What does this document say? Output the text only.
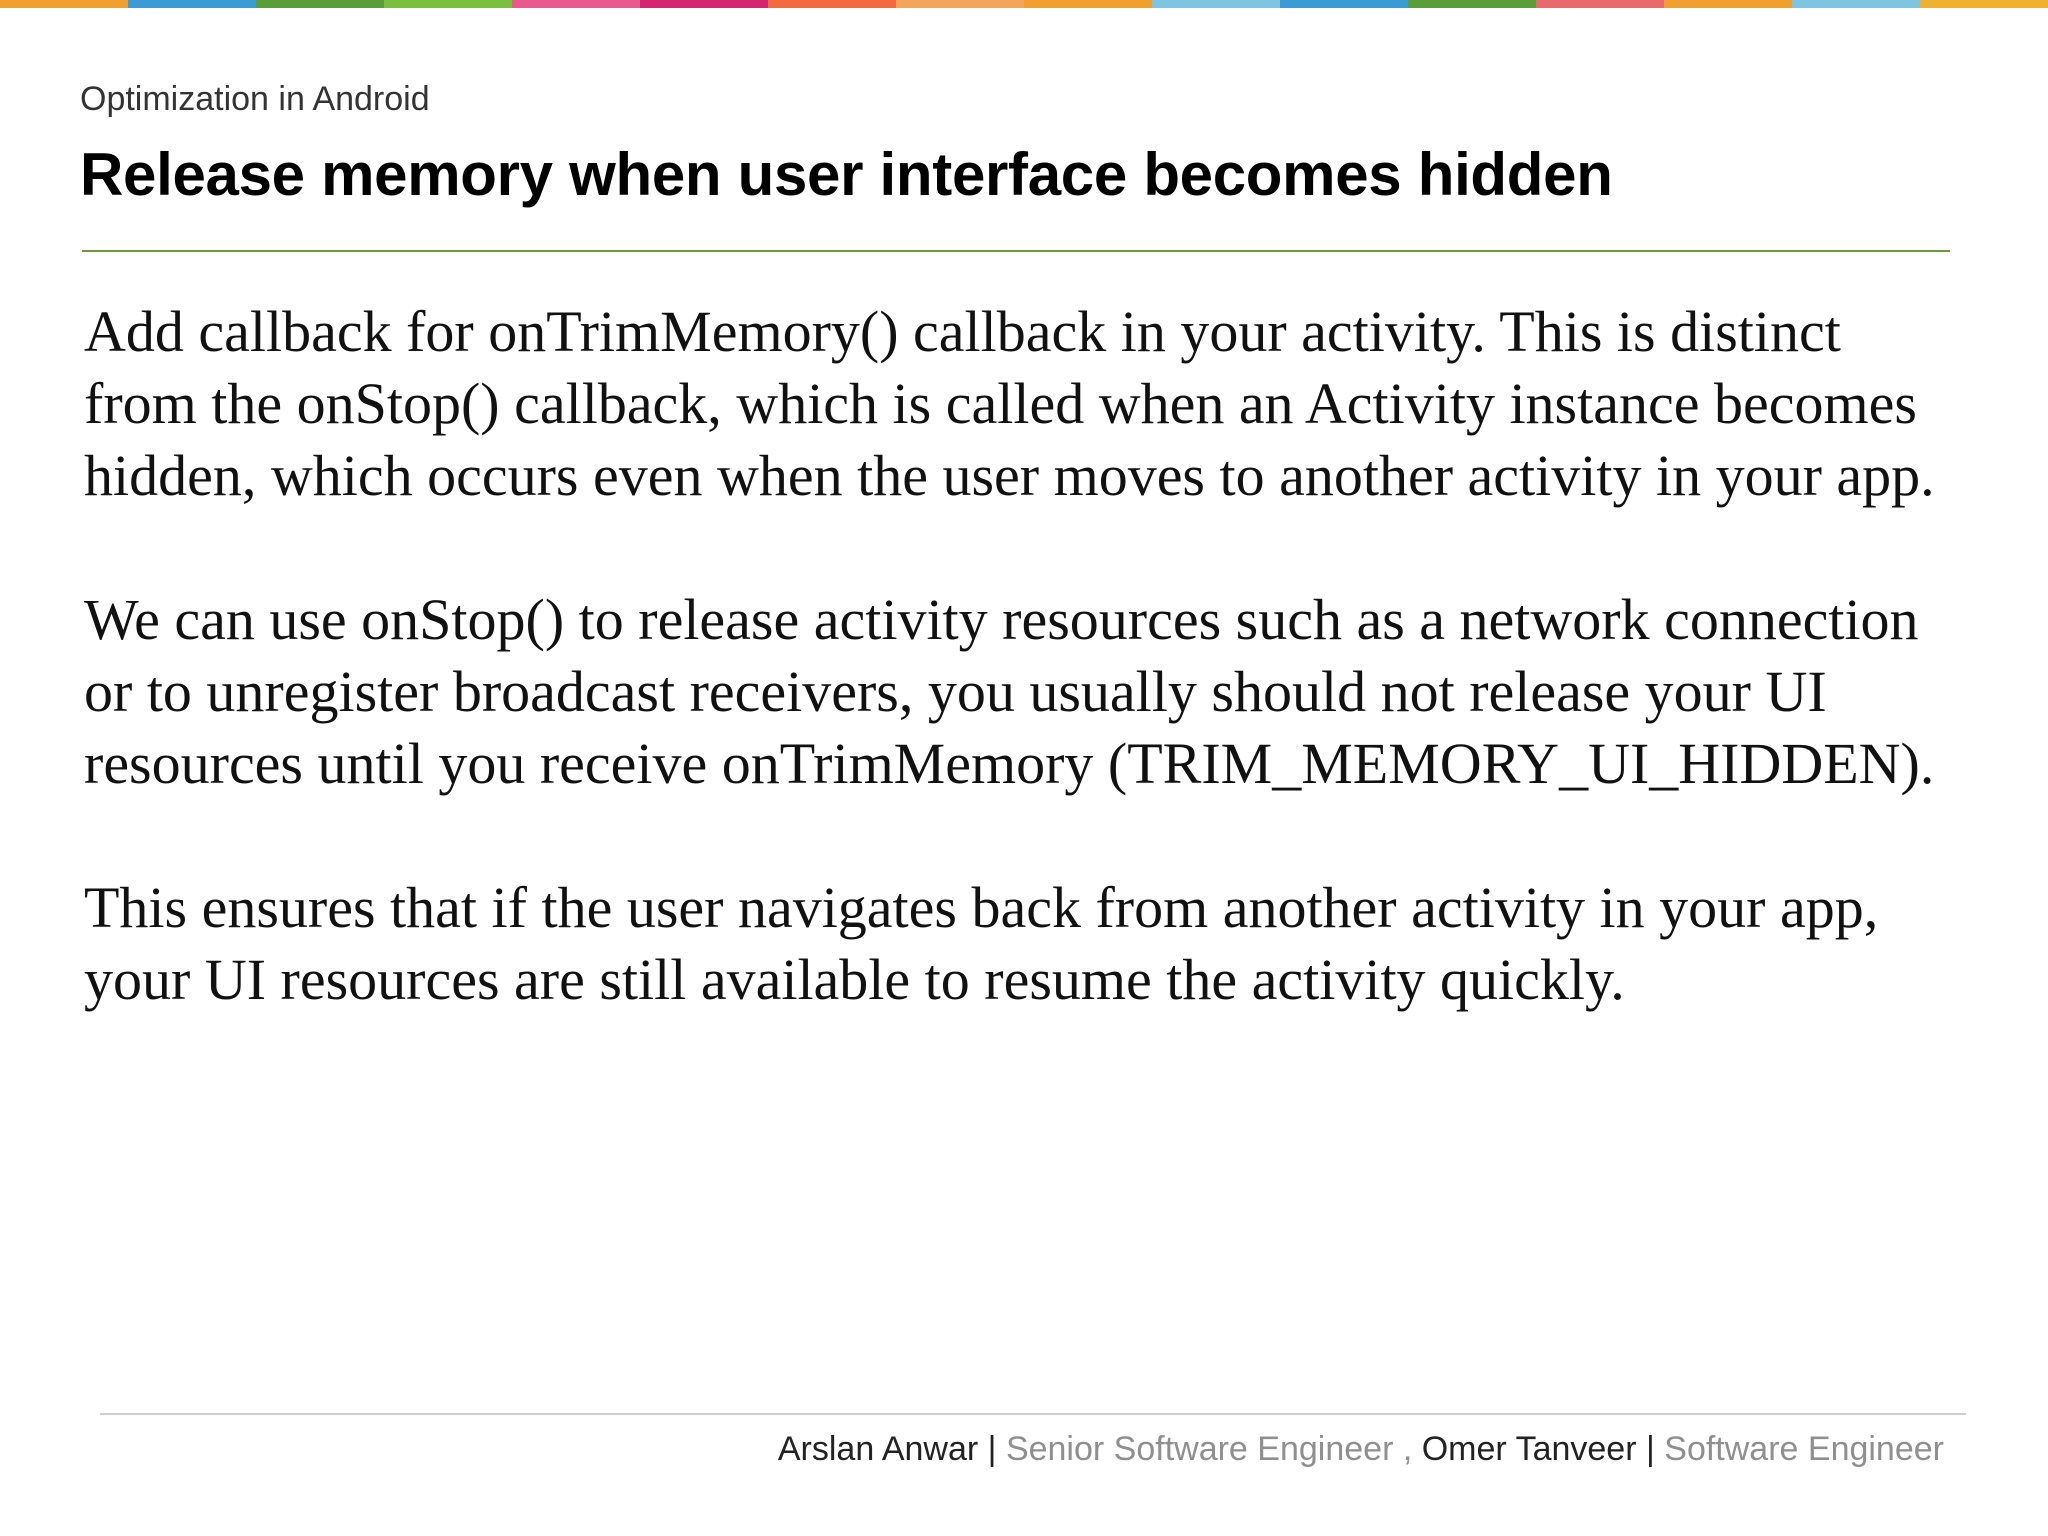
Optimization in Android
Release memory when user interface becomes hidden

Add callback for onTrimMemory() callback in your activity. This is distinct from the onStop() callback, which is called when an Activity instance becomes hidden, which occurs even when the user moves to another activity in your app.

We can use onStop() to release activity resources such as a network connection or to unregister broadcast receivers, you usually should not release your UI resources until you receive onTrimMemory (TRIM_MEMORY_UI_HIDDEN).

This ensures that if the user navigates back from another activity in your app, your UI resources are still available to resume the activity quickly.

Arslan Anwar | Senior Software Engineer , Omer Tanveer | Software Engineer
